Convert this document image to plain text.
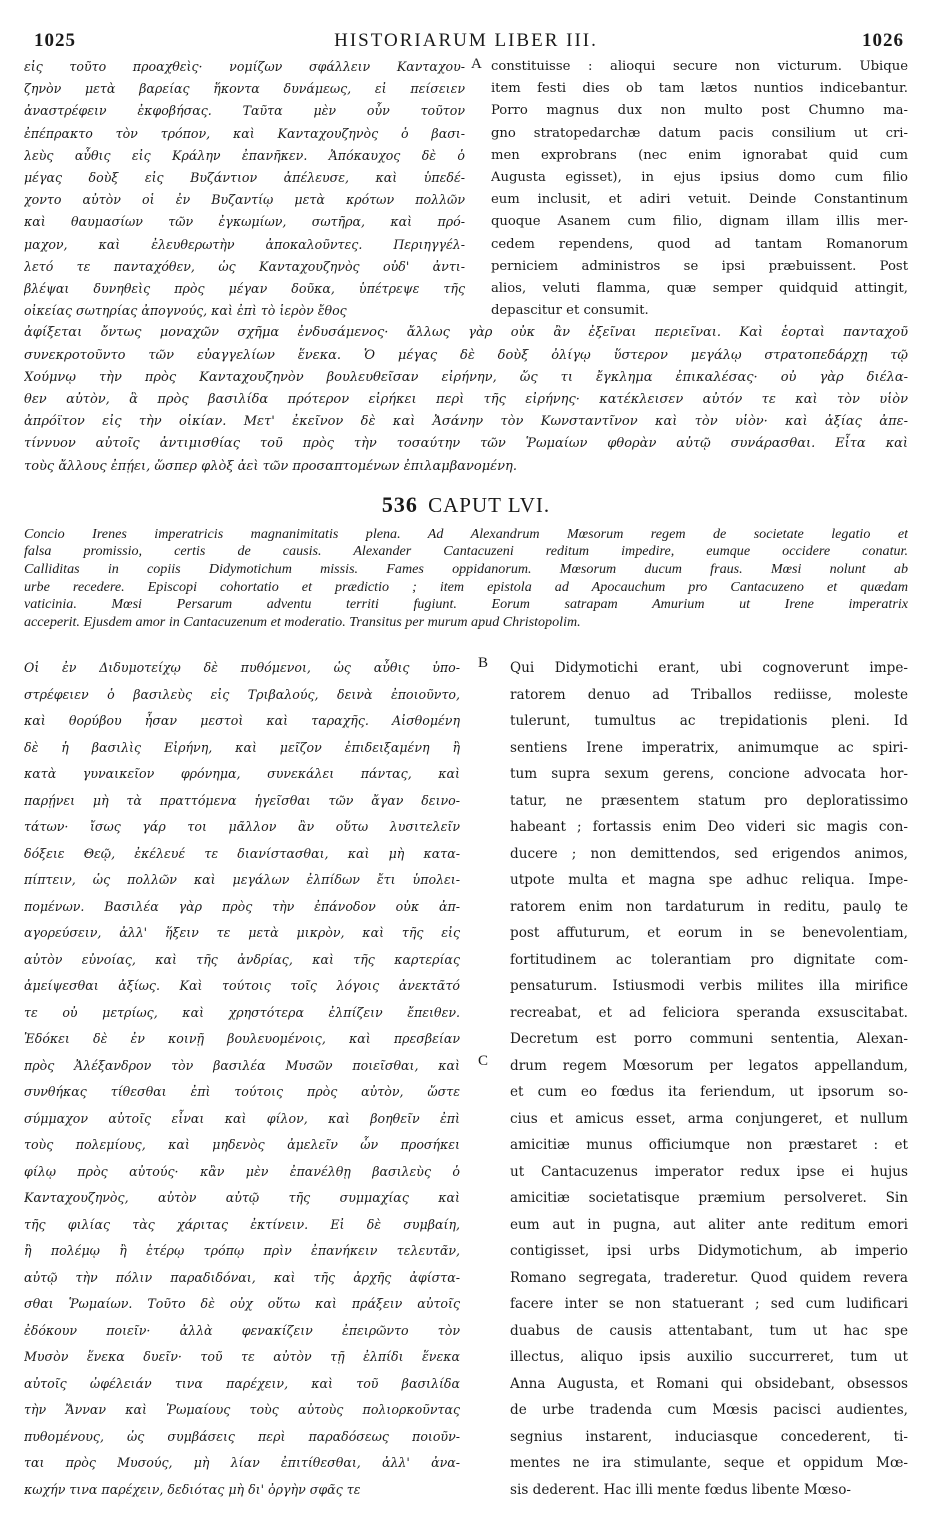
1025	HISTORIARUM LIBER III.	1026
εἰς τοῦτο προαχθεὶς· νομίζων σφάλλειν Κανταχου-
ζηνὸν μετὰ βαρείας ἥκοντα δυνάμεως, εἰ πείσειεν
ἀναστρέφειν ἐκφοβήσας. Ταῦτα μὲν οὖν τοῦτον
ἐπέπρακτο τὸν τρόπον, καὶ Κανταχουζηνὸς ὁ βασι-
λεὺς αὖθις εἰς Κράλην ἐπανῆκεν. Ἀπόκαυχος δὲ ὁ
μέγας δοὺξ εἰς Βυζάντιον ἀπέλευσε, καὶ ὑπεδέ-
χοντο αὐτὸν οἱ ἐν Βυζαντίῳ μετὰ κρότων πολλῶν
καὶ θαυμασίων τῶν ἐγκωμίων, σωτῆρα, καὶ πρό-
μαχον, καὶ ἐλευθερωτὴν ἀποκαλοῦντες. Περιηγγέλ-
λετό τε πανταχόθεν, ὡς Κανταχουζηνὸς οὐδ' ἀντι-
βλέψαι δυνηθεὶς πρὸς μέγαν δοῦκα, ὑπέτρεψε τῆς
οἰκείας σωτηρίας ἀπογνούς, καὶ ἐπὶ τὸ ἱερὸν ἔθος
A constituisse : alioqui secure non victurum. Ubique
item festi dies ob tam lætos nuntios indicebantur.
Porro magnus dux non multo post Chumno ma-
gno stratopedarchæ datum pacis consilium ut cri-
men exprobrans (nec enim ignorabat quid cum
Augusta egisset), in ejus ipsius domo cum filio
eum inclusit, et adiri vetuit. Deinde Constantinum
quoque Asanem cum filio, dignam illam illis mer-
cedem rependens, quod ad tantam Romanorum
perniciem administros se ipsi præbuissent. Post
alios, veluti flamma, quæ semper quidquid attingit,
depascitur et consumit.
ἀφίξεται ὄντως μοναχῶν σχῆμα ἐνδυσάμενος· ἄλλως γὰρ οὐκ ἂν ἐξεῖναι περιεῖναι. Καὶ ἑορταὶ πανταχοῦ
συνεκροτοῦντο τῶν εὐαγγελίων ἕνεκα. Ὁ μέγας δὲ δοὺξ ὀλίγῳ ὕστερον μεγάλῳ στρατοπεδάρχῃ τῷ
Χούμνῳ τὴν πρὸς Κανταχουζηνὸν βουλευθεῖσαν εἰρήνην, ὥς τι ἔγκλημα ἐπικαλέσας· οὐ γὰρ διέλα-
θεν αὐτὸν, ἃ πρὸς βασιλίδα πρότερον εἰρήκει περὶ τῆς εἰρήνης· κατέκλεισεν αὐτόν τε καὶ τὸν υἱὸν
ἀπρόϊτον εἰς τὴν οἰκίαν. Μετ' ἐκεῖνον δὲ καὶ Ἀσάνην τὸν Κωνσταντῖνον καὶ τὸν υἱὸν· καὶ ἀξίας ἀπε-
τίννυον αὐτοῖς ἀντιμισθίας τοῦ πρὸς τὴν τοσαύτην τῶν Ῥωμαίων φθορὰν αὐτῷ συνάρασθαι. Εἶτα καὶ
τοὺς ἄλλους ἐπῄει, ὥσπερ φλὸξ ἀεὶ τῶν προσαπτομένων ἐπιλαμβανομένη.
536 CAPUT LVI.
Concio Irenes imperatricis magnanimitatis plena. Ad Alexandrum Mœsorum regem de societate legatio et
falsa promissio, certis de causis. Alexander Cantacuzeni reditum impedire, eumque occidere conatur.
Calliditas in copiis Didymotichum missis. Fames oppidanorum. Mœsorum ducum fraus. Mœsi nolunt ab
urbe recedere. Episcopi cohortatio et prædictio ; item epistola ad Apocauchum pro Cantacuzeno et quædam
vaticinia. Mœsi Persarum adventu territi fugiunt. Eorum satrapam Amurium ut Irene imperatrix
acceperit. Ejusdem amor in Cantacuzenum et moderatio. Transitus per murum apud Christopolim.
Οἱ ἐν Διδυμοτείχῳ δὲ πυθόμενοι, ὡς αὖθις ὑπο-
στρέφειεν ὁ βασιλεὺς εἰς Τριβαλούς, δεινὰ ἐποιοῦντο,
καὶ θορύβου ἦσαν μεστοὶ καὶ ταραχῆς. Αἰσθομένη
δὲ ἡ βασιλὶς Εἰρήνη, καὶ μεῖζον ἐπιδειξαμένη ἢ
κατὰ γυναικεῖον φρόνημα, συνεκάλει πάντας, καὶ
παρῄνει μὴ τὰ πραττόμενα ἡγεῖσθαι τῶν ἄγαν δεινο-
τάτων· ἴσως γάρ τοι μᾶλλον ἂν οὕτω λυσιτελεῖν
δόξειε Θεῷ, ἐκέλευέ τε διανίστασθαι, καὶ μὴ κατα-
πίπτειν, ὡς πολλῶν καὶ μεγάλων ἐλπίδων ἔτι ὑπολει-
πομένων. Βασιλέα γὰρ πρὸς τὴν ἐπάνοδον οὐκ ἀπ-
αγορεύσειν, ἀλλ' ἥξειν τε μετὰ μικρὸν, καὶ τῆς εἰς
αὐτὸν εὐνοίας, καὶ τῆς ἀνδρίας, καὶ τῆς καρτερίας
ἀμείψεσθαι ἀξίως. Καὶ τούτοις τοῖς λόγοις ἀνεκτᾶτό
τε οὐ μετρίως, καὶ χρηστότερα ἐλπίζειν ἔπειθεν.
Ἐδόκει δὲ ἐν κοινῇ βουλευομένοις, καὶ πρεσβείαν
πρὸς Ἀλέξανδρον τὸν βασιλέα Μυσῶν ποιεῖσθαι, καὶ
συνθήκας τίθεσθαι ἐπὶ τούτοις πρὸς αὐτὸν, ὥστε
σύμμαχον αὐτοῖς εἶναι καὶ φίλον, καὶ βοηθεῖν ἐπὶ
τοὺς πολεμίους, καὶ μηδενὸς ἀμελεῖν ὧν προσήκει
φίλῳ πρὸς αὐτούς· κἂν μὲν ἐπανέλθῃ βασιλεὺς ὁ
Κανταχουζηνὸς, αὐτὸν αὐτῷ τῆς συμμαχίας καὶ
τῆς φιλίας τὰς χάριτας ἐκτίνειν. Εἰ δὲ συμβαίη,
ἢ πολέμῳ ἢ ἑτέρῳ τρόπῳ πρὶν ἐπανήκειν τελευτᾶν,
αὐτῷ τὴν πόλιν παραδιδόναι, καὶ τῆς ἀρχῆς ἀφίστα-
σθαι Ῥωμαίων. Τοῦτο δὲ οὐχ οὕτω καὶ πράξειν αὐτοῖς
ἐδόκουν ποιεῖν· ἀλλὰ φενακίζειν ἐπειρῶντο τὸν
Μυσὸν ἕνεκα δυεῖν· τοῦ τε αὐτὸν τῇ ἐλπίδι ἕνεκα
αὐτοῖς ὠφέλειάν τινα παρέχειν, καὶ τοῦ βασιλίδα
τὴν Ἄνναν καὶ Ῥωμαίους τοὺς αὐτοὺς πολιορκοῦντας
πυθομένους, ὡς συμβάσεις περὶ παραδόσεως ποιοῦν-
ται πρὸς Μυσούς, μὴ λίαν ἐπιτίθεσθαι, ἀλλ' ἀνα-
κωχήν τινα παρέχειν, δεδιότας μὴ δι' ὀργὴν σφᾶς τε
B
C
Qui Didymotichi erant, ubi cognoverunt impe-
ratorem denuo ad Triballos rediisse, moleste
tulerunt, tumultus ac trepidationis pleni. Id
sentiens Irene imperatrix, animumque ac spiri-
tum supra sexum gerens, concione advocata hor-
tatur, ne præsentem statum pro deploratissimo
habeant ; fortassis enim Deo videri sic magis con-
ducere ; non demittendos, sed erigendos animos,
utpote multa et magna spe adhuc reliqua. Impe-
ratorem enim non tardaturum in reditu, paulo̧ te
post affuturum, et eorum in se benevolentiam,
fortitudinem ac tolerantiam pro dignitate com-
pensaturum. Istiusmodi verbis milites illa mirifice
recreabat, et ad feliciora speranda exsuscitabat.
Decretum est porro communi sententia, Alexan-
drum regem Mœsorum per legatos appellandum,
et cum eo fœdus ita feriendum, ut ipsorum so-
cius et amicus esset, arma conjungeret, et nullum
amicitiæ munus officiumque non præstaret : et
ut Cantacuzenus imperator redux ipse ei hujus
amicitiæ societatisque præmium persolveret. Sin
eum aut in pugna, aut aliter ante reditum emori
contigisset, ipsi urbs Didymotichum, ab imperio
Romano segregata, traderetur. Quod quidem revera
facere inter se non statuerant ; sed cum ludificari
duabus de causis attentabant, tum ut hac spe
illectus, aliquo ipsis auxilio succurreret, tum ut
Anna Augusta, et Romani qui obsidebant, obsessos
de urbe tradenda cum Mœsis pacisci audientes,
segnius instarent, induciasque concederent, ti-
mentes ne ira stimulante, seque et oppidum Mœ-
sis dederent. Hac illi mente fœdus libente Mœso-
